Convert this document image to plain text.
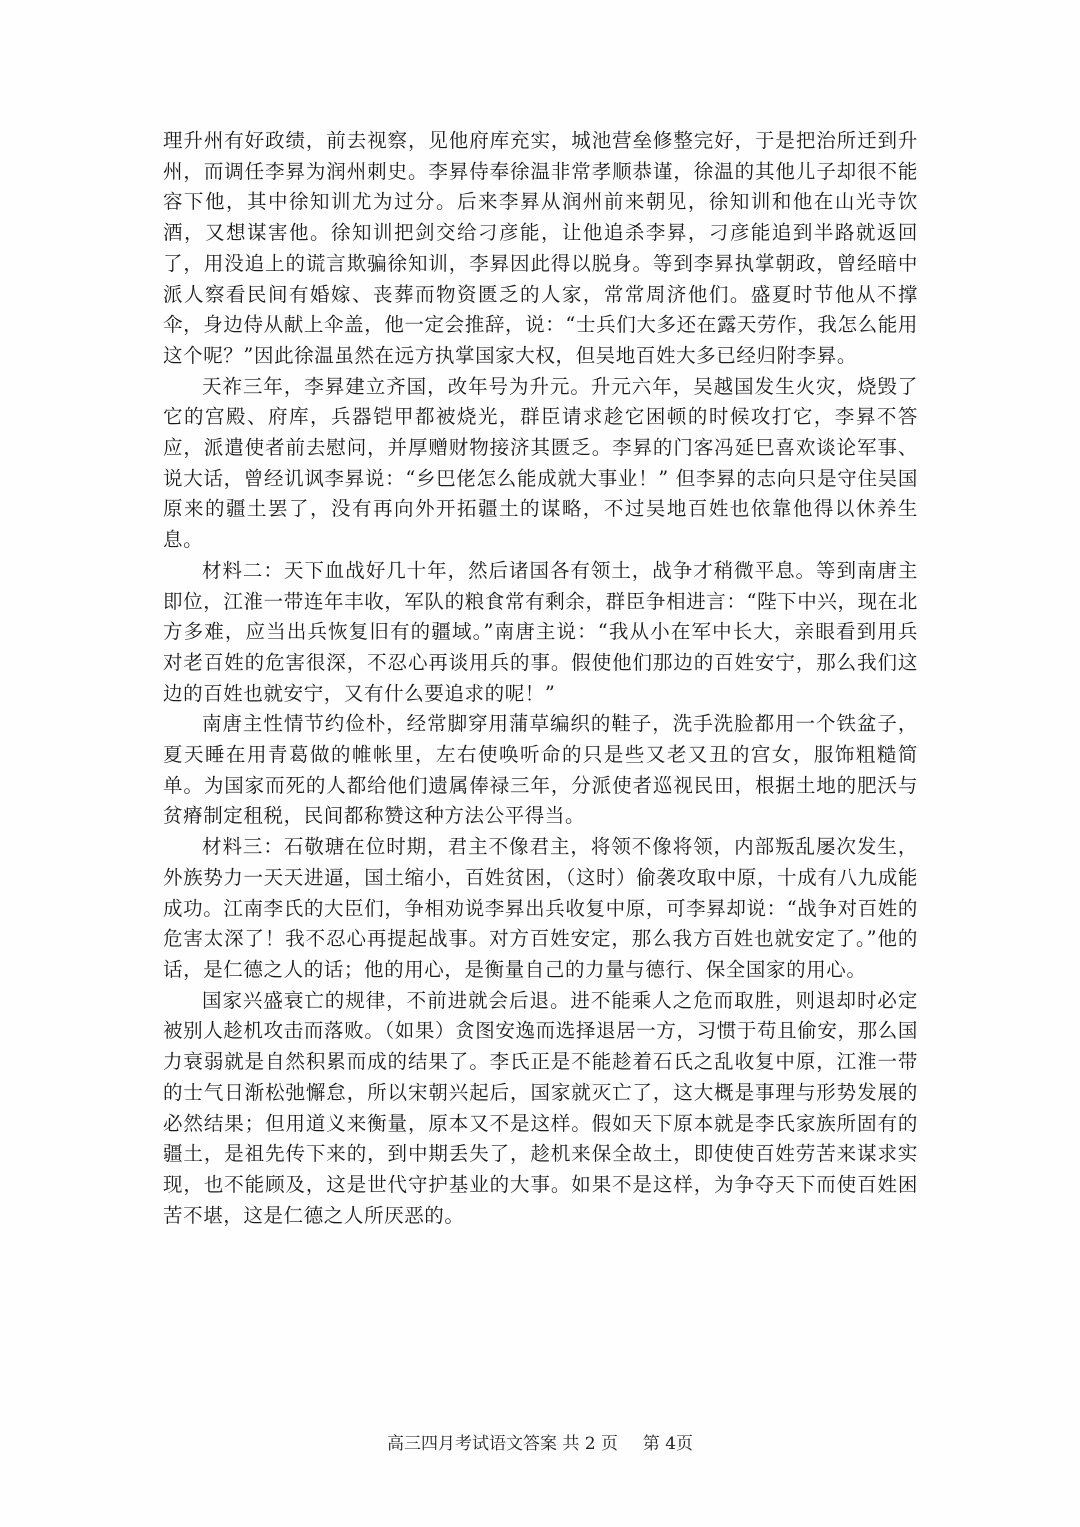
理升州有好政绩，前去视察，见他府库充实，城池营垒修整完好，于是把治所迁到升州，而调任李昪为润州刺史。李昪侍奉徐温非常孝顺恭谨，徐温的其他儿子却很不能容下他，其中徐知训尤为过分。后来李昪从润州前来朝见，徐知训和他在山光寺饮酒，又想谋害他。徐知训把剑交给刁彦能，让他追杀李昪，刁彦能追到半路就返回了，用没追上的谎言欺骗徐知训，李昪因此得以脱身。等到李昪执掌朝政，曾经暗中派人察看民间有婚嫁、丧葬而物资匮乏的人家，常常周济他们。盛夏时节他从不撑伞，身边侍从献上伞盖，他一定会推辞，说：“士兵们大多还在露天劳作，我怎么能用这个呢？”因此徐温虽然在远方执掌国家大权，但吴地百姓大多已经归附李昪。

天祚三年，李昪建立齐国，改年号为升元。升元六年，吴越国发生火灾，烧毁了它的宫殿、府库，兵器铠甲都被烧光，群臣请求趁它困顿的时候攻打它，李昪不答应，派遣使者前去慰问，并厚赠财物接济其匮乏。李昪的门客冯延巳喜欢谈论军事、说大话，曾经讥讽李昪说：“乡巴佬怎么能成就大事业！” 但李昪的志向只是守住吴国原来的疆土罢了，没有再向外开拓疆土的谋略，不过吴地百姓也依靠他得以休养生息。

材料二：天下血战好几十年，然后诸国各有领土，战争才稍微平息。等到南唐主即位，江淮一带连年丰收，军队的粮食常有剩余，群臣争相进言：“陛下中兴，现在北方多难，应当出兵恢复旧有的疆域。”南唐主说：“我从小在军中长大，亲眼看到用兵对老百姓的危害很深，不忍心再谈用兵的事。假使他们那边的百姓安宁，那么我们这边的百姓也就安宁，又有什么要追求的呢！”

南唐主性情节约俭朴，经常脚穿用蒲草编织的鞋子，洗手洗脸都用一个铁盆子，夏天睡在用青葛做的帷帐里，左右使唤听命的只是些又老又丑的宫女，服饰粗糙简单。为国家而死的人都给他们遗属俸禄三年，分派使者巡视民田，根据土地的肥沃与贫瘠制定租税，民间都称赞这种方法公平得当。

材料三：石敬瑭在位时期，君主不像君主，将领不像将领，内部叛乱屡次发生，外族势力一天天进逼，国土缩小，百姓贫困，（这时）偷袭攻取中原，十成有八九成能成功。江南李氏的大臣们，争相劝说李昪出兵收复中原，可李昪却说：“战争对百姓的危害太深了！我不忍心再提起战事。对方百姓安定，那么我方百姓也就安定了。”他的话，是仁德之人的话；他的用心，是衡量自己的力量与德行、保全国家的用心。

国家兴盛衰亡的规律，不前进就会后退。进不能乘人之危而取胜，则退却时必定被别人趁机攻击而落败。（如果）贪图安逸而选择退居一方，习惯于苟且偷安，那么国力衰弱就是自然积累而成的结果了。李氏正是不能趁着石氏之乱收复中原，江淮一带的士气日渐松弛懈怠，所以宋朝兴起后，国家就灭亡了，这大概是事理与形势发展的必然结果；但用道义来衡量，原本又不是这样。假如天下原本就是李氏家族所固有的疆土，是祖先传下来的，到中期丢失了，趁机来保全故土，即使使百姓劳苦来谋求实现，也不能顾及，这是世代守护基业的大事。如果不是这样，为争夺天下而使百姓困苦不堪，这是仁德之人所厌恶的。

高三四月考试语文答案 共 2 页 第 4页
